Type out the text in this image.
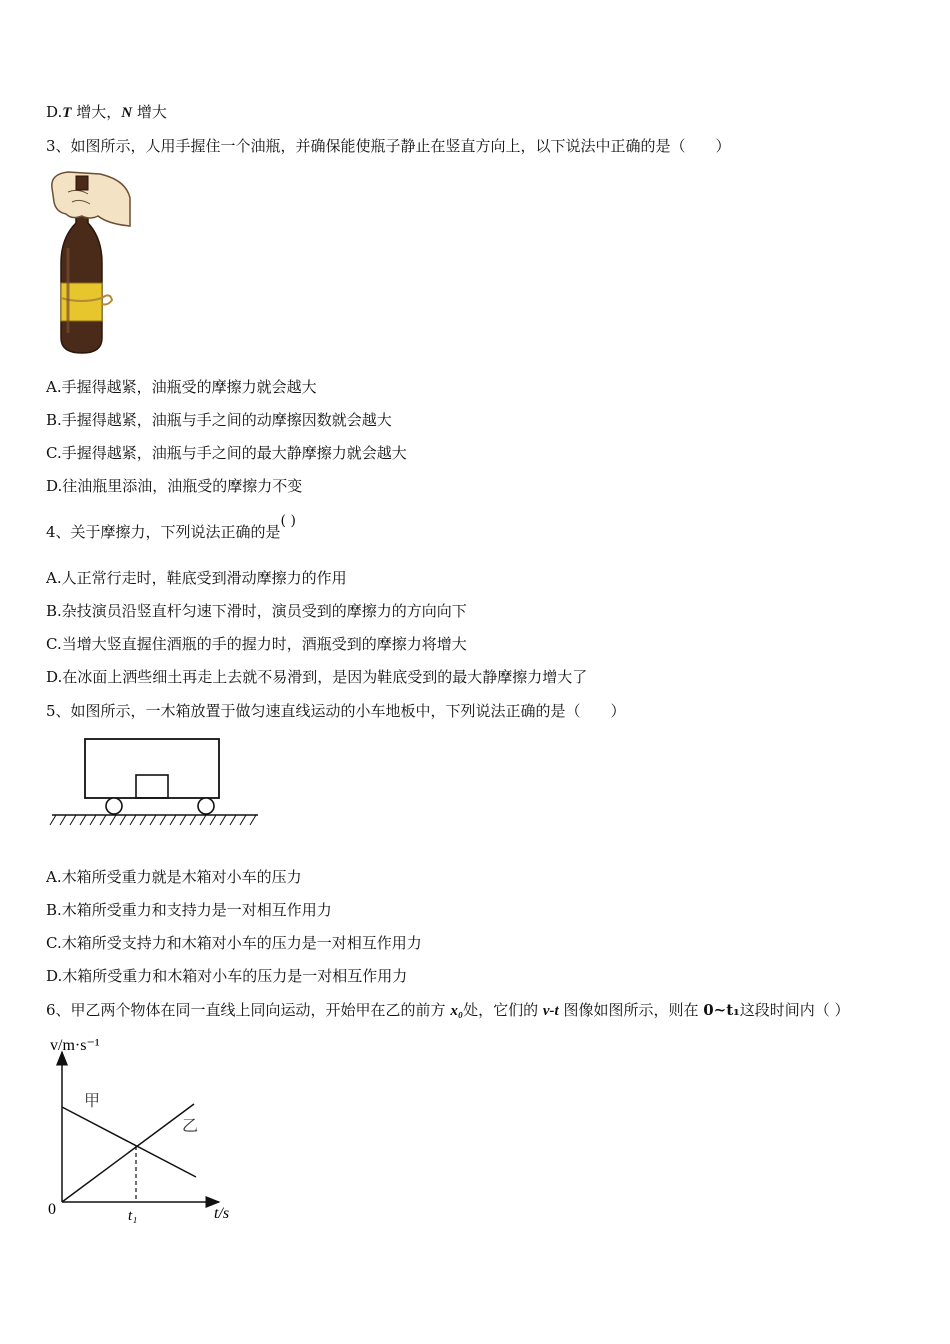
D.T 增大，N 增大
3、如图所示，人用手握住一个油瓶，并确保能使瓶子静止在竖直方向上，以下说法中正确的是（　　）
A.手握得越紧，油瓶受的摩擦力就会越大
B.手握得越紧，油瓶与手之间的动摩擦因数就会越大
C.手握得越紧，油瓶与手之间的最大静摩擦力就会越大
D.往油瓶里添油，油瓶受的摩擦力不变
4、关于摩擦力，下列说法正确的是( )
A.人正常行走时，鞋底受到滑动摩擦力的作用
B.杂技演员沿竖直杆匀速下滑时，演员受到的摩擦力的方向向下
C.当增大竖直握住酒瓶的手的握力时，酒瓶受到的摩擦力将增大
D.在冰面上洒些细土再走上去就不易滑到，是因为鞋底受到的最大静摩擦力增大了
5、如图所示，一木箱放置于做匀速直线运动的小车地板中，下列说法正确的是（　　）
A.木箱所受重力就是木箱对小车的压力
B.木箱所受重力和支持力是一对相互作用力
C.木箱所受支持力和木箱对小车的压力是一对相互作用力
D.木箱所受重力和木箱对小车的压力是一对相互作用力
6、甲乙两个物体在同一直线上同向运动，开始甲在乙的前方 x₀处，它们的 v-t 图像如图所示，则在 0~t₁这段时间内（ ）
v/m·s⁻¹
t/s
0	t₁
甲
乙
